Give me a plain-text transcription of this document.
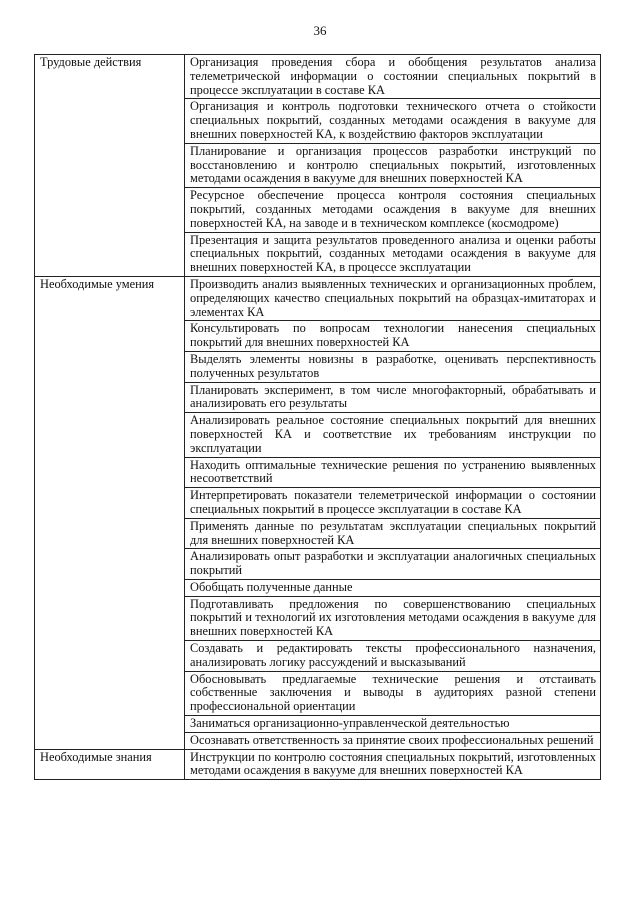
36
Трудовые действия	Организация проведения сбора и обобщения результатов анализа телеметрической информации о состоянии специальных покрытий в процессе эксплуатации в составе КА
	Организация и контроль подготовки технического отчета о стойкости специальных покрытий, созданных методами осаждения в вакууме для внешних поверхностей КА, к воздействию факторов эксплуатации
	Планирование и организация процессов разработки инструкций по восстановлению и контролю специальных покрытий, изготовленных методами осаждения в вакууме для внешних поверхностей КА
	Ресурсное обеспечение процесса контроля состояния специальных покрытий, созданных методами осаждения в вакууме для внешних поверхностей КА, на заводе и в техническом комплексе (космодроме)
	Презентация и защита результатов проведенного анализа и оценки работы специальных покрытий, созданных методами осаждения в вакууме для внешних поверхностей КА, в процессе эксплуатации
Необходимые умения	Производить анализ выявленных технических и организационных проблем, определяющих качество специальных покрытий на образцах-имитаторах и элементах КА
	Консультировать по вопросам технологии нанесения специальных покрытий для внешних поверхностей КА
	Выделять элементы новизны в разработке, оценивать перспективность полученных результатов
	Планировать эксперимент, в том числе многофакторный, обрабатывать и анализировать его результаты
	Анализировать реальное состояние специальных покрытий для внешних поверхностей КА и соответствие их требованиям инструкции по эксплуатации
	Находить оптимальные технические решения по устранению выявленных несоответствий
	Интерпретировать показатели телеметрической информации о состоянии специальных покрытий в процессе эксплуатации в составе КА
	Применять данные по результатам эксплуатации специальных покрытий для внешних поверхностей КА
	Анализировать опыт разработки и эксплуатации аналогичных специальных покрытий
	Обобщать полученные данные
	Подготавливать предложения по совершенствованию специальных покрытий и технологий их изготовления методами осаждения в вакууме для внешних поверхностей КА
	Создавать и редактировать тексты профессионального назначения, анализировать логику рассуждений и высказываний
	Обосновывать предлагаемые технические решения и отстаивать собственные заключения и выводы в аудиториях разной степени профессиональной ориентации
	Заниматься организационно-управленческой деятельностью
	Осознавать ответственность за принятие своих профессиональных решений
Необходимые знания	Инструкции по контролю состояния специальных покрытий, изготовленных методами осаждения в вакууме для внешних поверхностей КА
